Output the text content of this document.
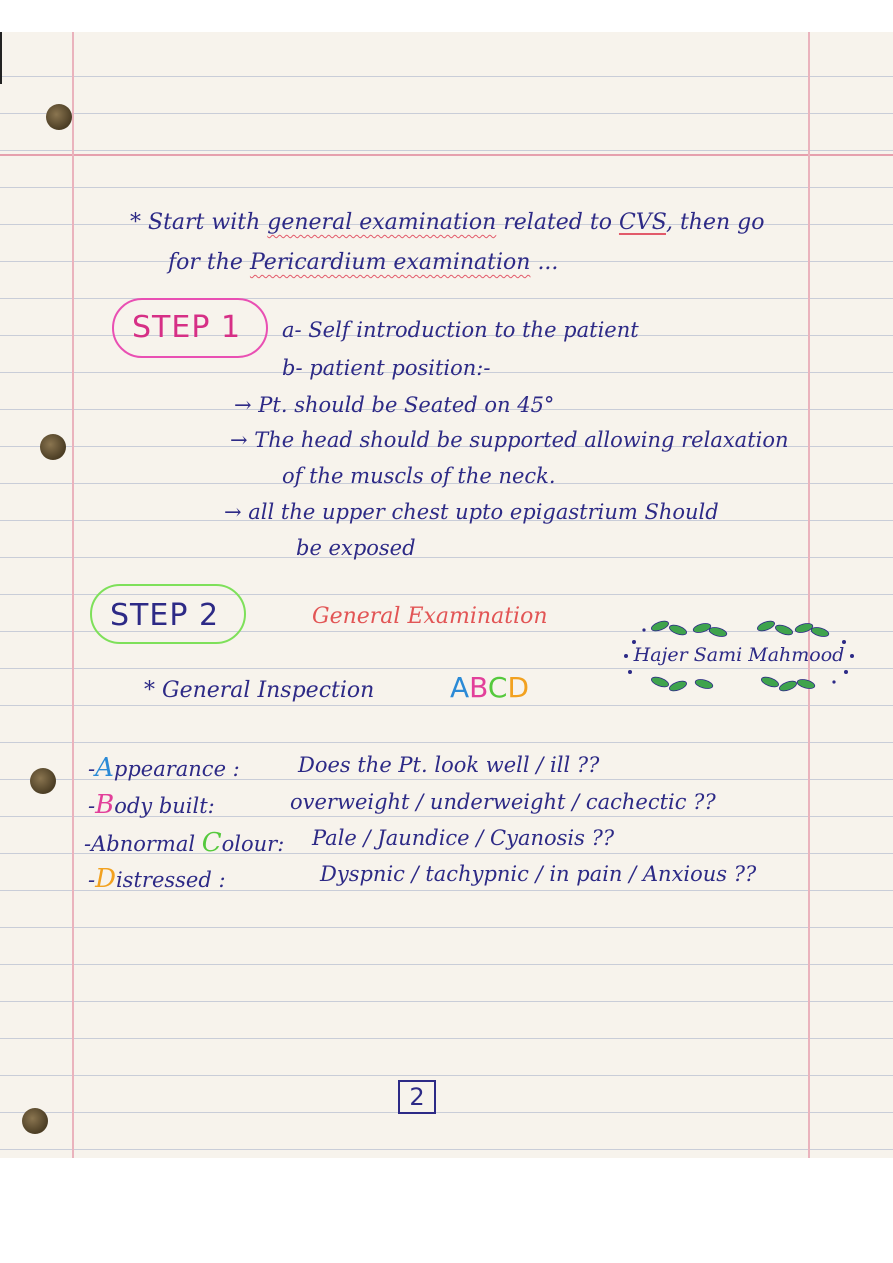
* Start with general examination related to CVS, then go
for the Pericardium examination ...
STEP 1 a- Self introduction to the patient
b- patient position:-
→ Pt. should be Seated on 45°
→ The head should be supported allowing relaxation
of the muscls of the neck.
→ all the upper chest upto epigastrium Should
be exposed
STEP 2	General Examination
Hajer Sami Mahmood
* General Inspection	ABCD
-Appearance :	Does the Pt. look well / ill ??
-Body built:	overweight / underweight / cachectic ??
-Abnormal Colour: Pale / Jaundice / Cyanosis ??
-Distressed :	Dyspnic / tachypnic / in pain / Anxious ??
2
